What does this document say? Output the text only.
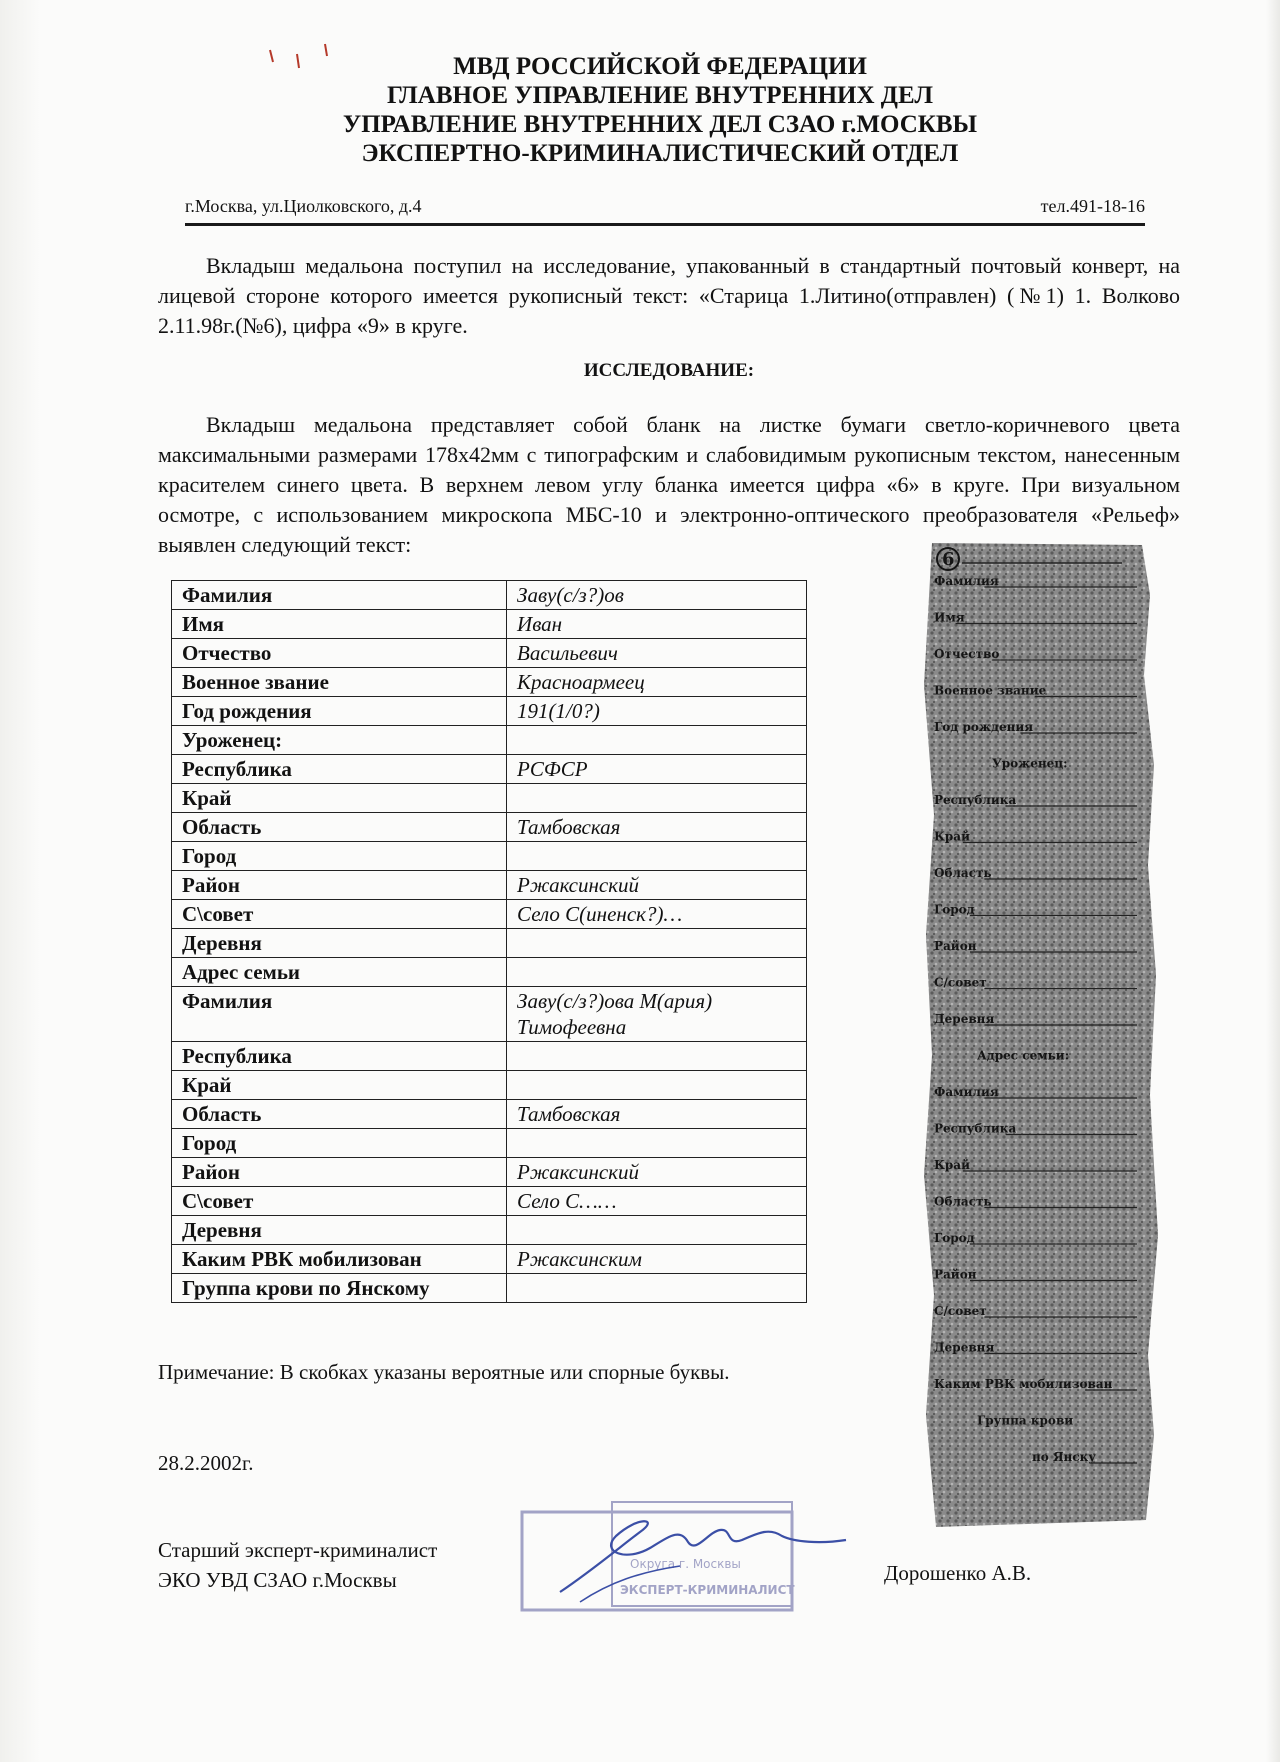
МВД РОССИЙСКОЙ ФЕДЕРАЦИИ
ГЛАВНОЕ УПРАВЛЕНИЕ ВНУТРЕННИХ ДЕЛ
УПРАВЛЕНИЕ ВНУТРЕННИХ ДЕЛ СЗАО г.МОСКВЫ
ЭКСПЕРТНО-КРИМИНАЛИСТИЧЕСКИЙ ОТДЕЛ
г.Москва, ул.Циолковского, д.4	тел.491-18-16
Вкладыш медальона поступил на исследование, упакованный в стандартный почтовый конверт, на лицевой стороне которого имеется рукописный текст: «Старица 1.Литино(отправлен) (№1) 1. Волково 2.11.98г.(№6), цифра «9» в круге.
ИССЛЕДОВАНИЕ:
Вкладыш медальона представляет собой бланк на листке бумаги светло-коричневого цвета максимальными размерами 178х42мм с типографским и слабовидимым рукописным текстом, нанесенным красителем синего цвета. В верхнем левом углу бланка имеется цифра «6» в круге. При визуальном осмотре, с использованием микроскопа МБС-10 и электронно-оптического преобразователя «Рельеф» выявлен следующий текст:
Фамилия	Заву(с/з?)ов
Имя	Иван
Отчество	Васильевич
Военное звание	Красноармеец
Год рождения	191(1/0?)
Уроженец:	
Республика	РСФСР
Край	
Область	Тамбовская
Город	
Район	Ржаксинский
С\совет	Село С(иненск?)…
Деревня	
Адрес семьи	
Фамилия	Заву(с/з?)ова М(ария) Тимофеевна
Республика	
Край	
Область	Тамбовская
Город	
Район	Ржаксинский
С\совет	Село С……
Деревня	
Каким РВК мобилизован	Ржаксинским
Группа крови по Янскому	
Примечание: В скобках указаны вероятные или спорные буквы.
28.2.2002г.
Старший эксперт-криминалист
ЭКО УВД СЗАО г.Москвы	Дорошенко А.В.
Округа г. Москвы
ЭКСПЕРТ-КРИМИНАЛИСТ
6
Фамилия
Имя
Отчество
Военное звание
Год рождения
Уроженец:
Республика
Край
Область
Город
Район
С/совет
Деревня
Адрес семьи:
Фамилия
Республика
Край
Область
Город
Район
С/совет
Деревня
Каким РВК мобилизован
Группа крови
по Янску
